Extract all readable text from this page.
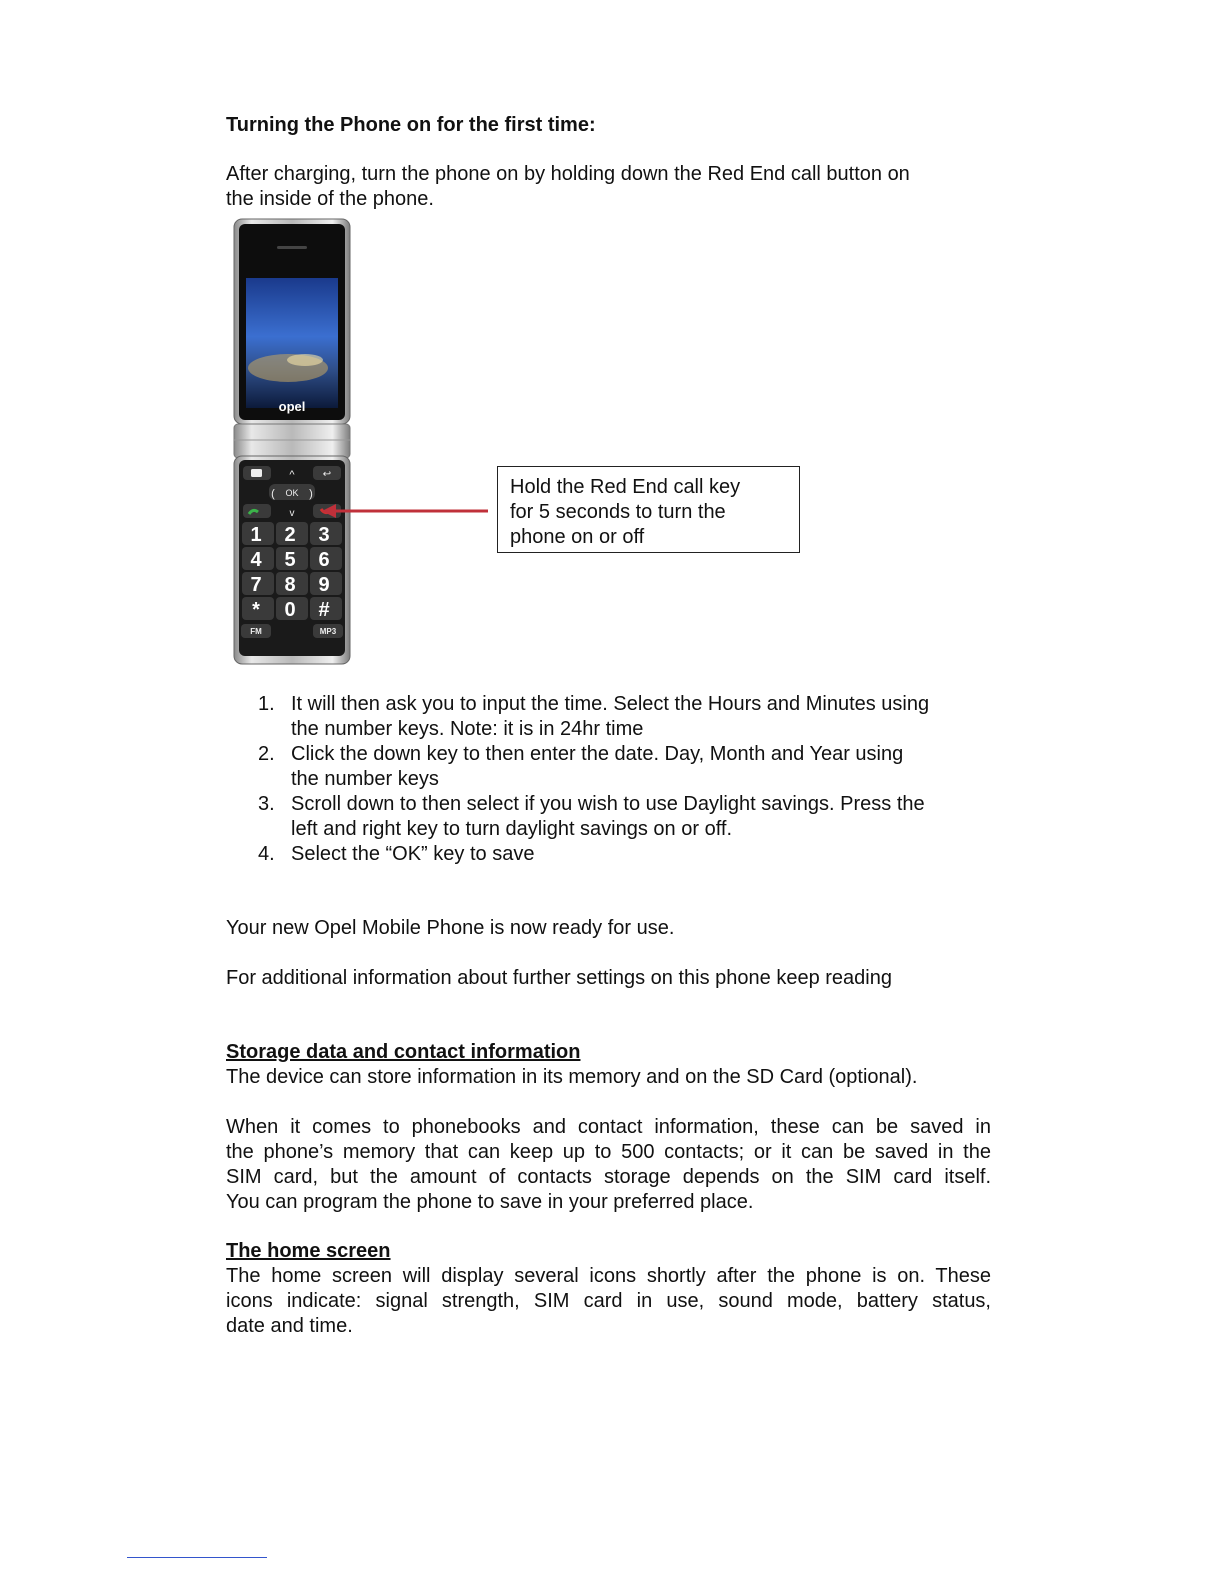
Turning the Phone on for the first time:

After charging, turn the phone on by holding down the Red End call button on

the inside of the phone.

opel
^	↩
OK
(	)
v
1 2 3
4 5 6
7 8 9
* 0 #
FM	MP3
Hold the Red End call key
for 5 seconds to turn the
phone on or off
1. It will then ask you to input the time. Select the Hours and Minutes using
the number keys. Note: it is in 24hr time
2. Click the down key to then enter the date. Day, Month and Year using
the number keys
3. Scroll down to then select if you wish to use Daylight savings. Press the
left and right key to turn daylight savings on or off.
4. Select the “OK” key to save

Your new Opel Mobile Phone is now ready for use.

For additional information about further settings on this phone keep reading

Storage data and contact information

The device can store information in its memory and on the SD Card (optional).

When it comes to phonebooks and contact information, these can be saved in
the phone’s memory that can keep up to 500 contacts; or it can be saved in the
SIM card, but the amount of contacts storage depends on the SIM card itself.
You can program the phone to save in your preferred place.

The home screen

The home screen will display several icons shortly after the phone is on. These
icons indicate: signal strength, SIM card in use, sound mode, battery status,
date and time.
